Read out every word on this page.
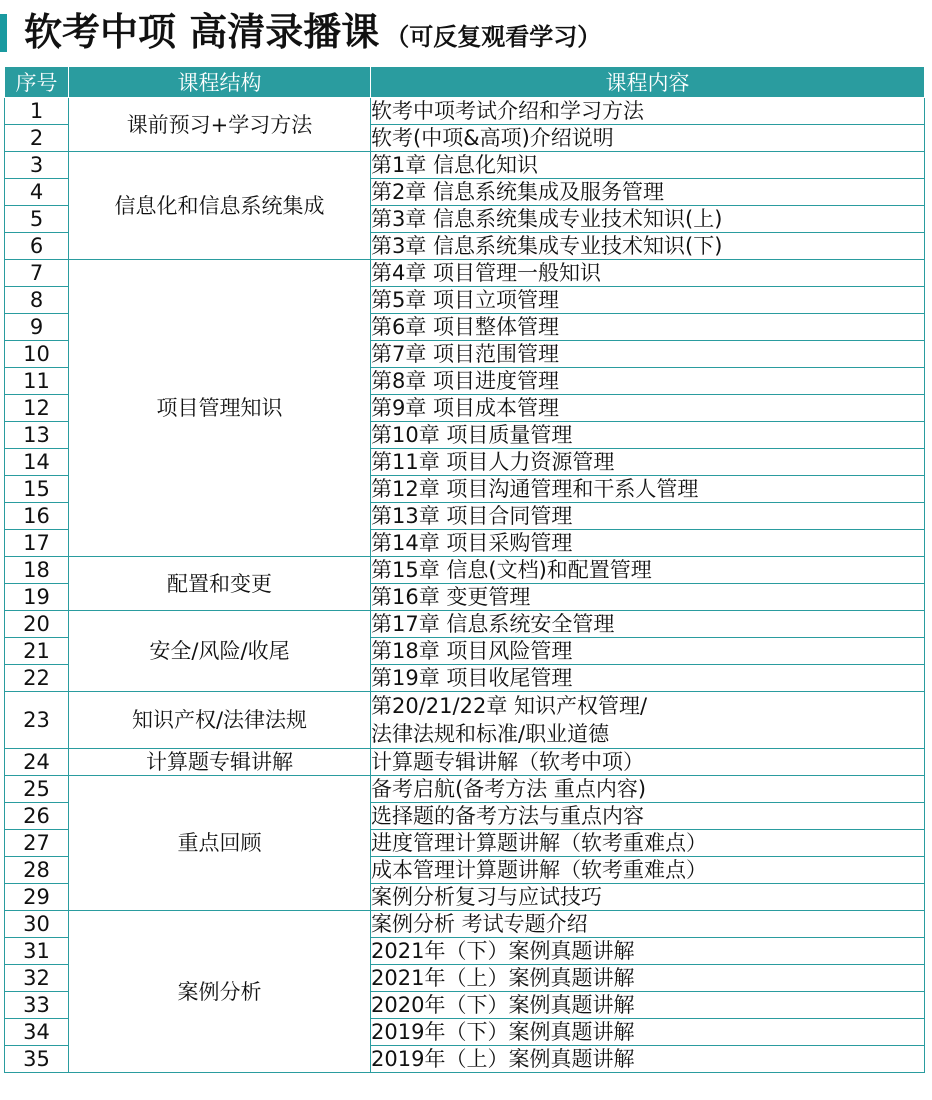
软考中项 高清录播课 （可反复观看学习）
序号	课程结构	课程内容
1	课前预习+学习方法	软考中项考试介绍和学习方法

2		软考(中项&高项)介绍说明

3	信息化和信息系统集成	第1章 信息化知识

4		第2章 信息系统集成及服务管理

5		第3章 信息系统集成专业技术知识(上)

6		第3章 信息系统集成专业技术知识(下)

7	项目管理知识	第4章 项目管理一般知识

8		第5章 项目立项管理

9		第6章 项目整体管理

10		第7章 项目范围管理

11		第8章 项目进度管理

12		第9章 项目成本管理

13		第10章 项目质量管理

14		第11章 项目人力资源管理

15		第12章 项目沟通管理和干系人管理

16		第13章 项目合同管理

17		第14章 项目采购管理

18	配置和变更	第15章 信息(文档)和配置管理

19		第16章 变更管理

20	安全/风险/收尾	第17章 信息系统安全管理

21		第18章 项目风险管理

22		第19章 项目收尾管理

23	知识产权/法律法规	第20/21/22章 知识产权管理/
法律法规和标准/职业道德

24	计算题专辑讲解	计算题专辑讲解（软考中项）

25	重点回顾	备考启航(备考方法 重点内容)

26		选择题的备考方法与重点内容

27		进度管理计算题讲解（软考重难点）

28		成本管理计算题讲解（软考重难点）

29		案例分析复习与应试技巧

30	案例分析	案例分析 考试专题介绍

31		2021年（下）案例真题讲解

32		2021年（上）案例真题讲解

33		2020年（下）案例真题讲解

34		2019年（下）案例真题讲解

35		2019年（上）案例真题讲解
